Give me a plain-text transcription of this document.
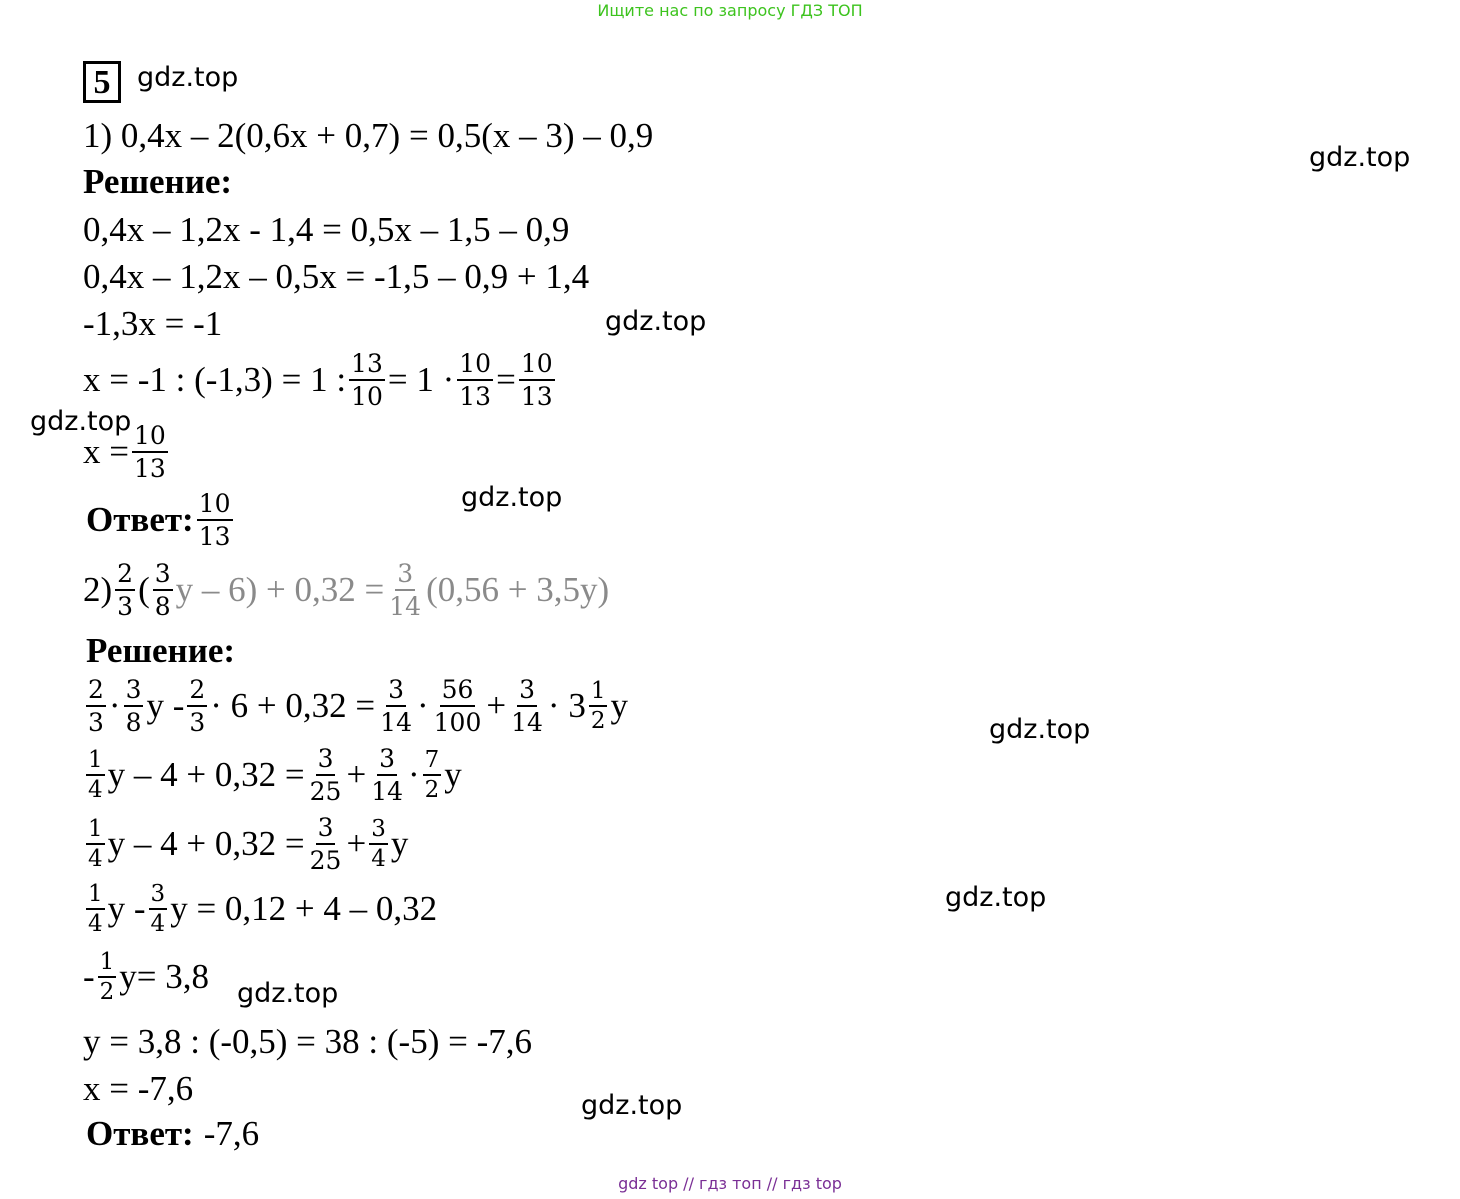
Ищите нас по запросу ГДЗ ТОП
gdz.top
gdz.top
gdz.top
gdz.top
gdz.top
gdz.top
gdz.top
gdz.top
gdz.top
5
1) 0,4x – 2(0,6x + 0,7) = 0,5(x – 3) – 0,9
Решение:
0,4x – 1,2x - 1,4 = 0,5x – 1,5 – 0,9
0,4x – 1,2x – 0,5x = -1,5 – 0,9 + 1,4
-1,3x = -1
x = -1 : (-1,3) = 1 : $\frac{13}{10} = 1 \cdot \frac{10}{13} = \frac{10}{13}$
$x = \frac{10}{13}$
Ответ: $\frac{10}{13}$
$2) \frac{2}{3}$ ( $\frac{3}{8}$ $y - 6) + 0,32 = \frac{3}{14} (0,56 + 3,5y)$
Решение:
$\frac{2}{3} \cdot \frac{3}{8}$ $y - \frac{2}{3} \cdot 6 + 0,32 = \frac{3}{14} \cdot \frac{56}{100} + \frac{3}{14} \cdot 3 \frac{1}{2}$ y
$\frac{1}{4}$ $y - 4 + 0,32 = \frac{3}{25} + \frac{3}{14} \cdot \frac{7}{2}$ y
$\frac{1}{4}$ $y - 4 + 0,32 = \frac{3}{25} + \frac{3}{4}$ y
$\frac{1}{4}$ y - $\frac{3}{4}$ y = 0,12 + 4 – 0,32
- $\frac{1}{2} y= 3,8$
y = 3,8 : (-0,5) = 38 : (-5) = -7,6
x = -7,6
Ответ: -7,6
gdz top // гдз топ // гдз top
